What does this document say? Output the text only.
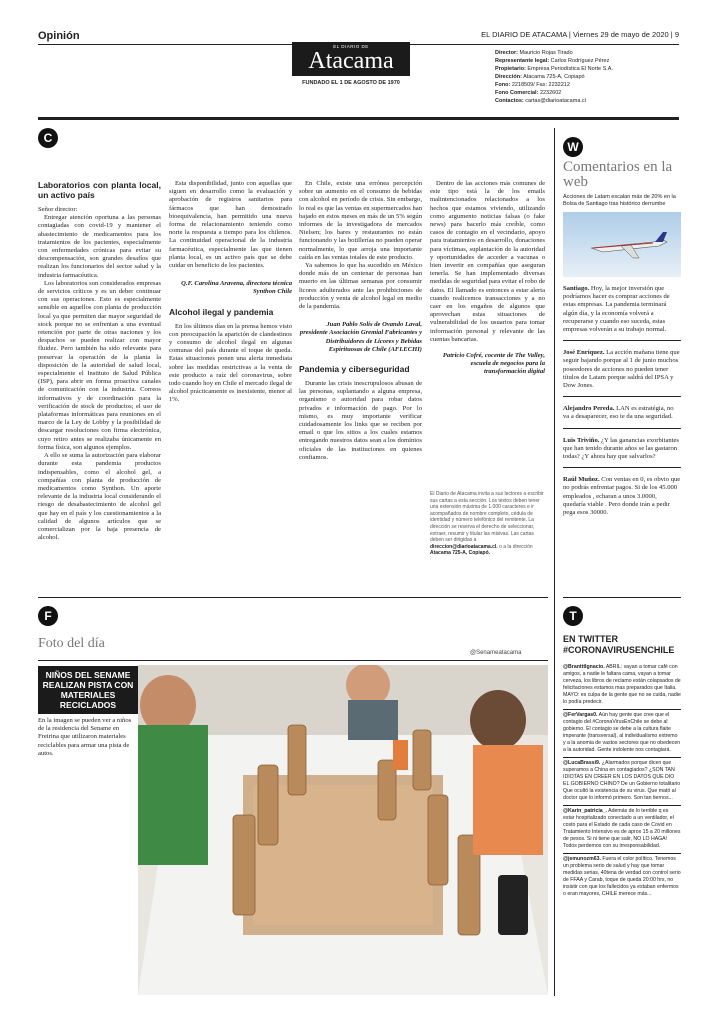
Opinión	EL DIARIO DE ATACAMA | Viernes 29 de mayo de 2020 | 9
EL DIARIO DE
Atacama
FUNDADO EL 1 DE AGOSTO DE 1970
Director: Mauricio Rojas Tirado
Representante legal: Carlos Rodríguez Pérez
Propietario: Empresa Periodística El Norte S.A.
Dirección: Atacama 725-A, Copiapó
Fono: 2218509/ Fax: 2232212
Fono Comercial: 2232602
Contactos: cartas@diarioatacama.cl
C
Laboratorios con planta local, un activo país

Señor director:

Entregar atención oportuna a las personas contagiadas con covid-19 y mantener el abastecimiento de medicamentos para los tratamientos de los pacientes, especialmente con enfermedades crónicas para evitar su descompensación, son grandes desafíos que realizan los funcionarios del sector salud y la industria farmacéutica.

Los laboratorios son considerados empresas de servicios críticos y es un deber continuar con sus operaciones. Esto es especialmente sensible en aquellos con planta de producción local ya que permiten dar mayor seguridad de stock porque no se enfrentan a una eventual retención por parte de otras naciones y los despachos se pueden realizar con mayor fluidez. Pero también ha sido relevante para preservar la operación de la planta la disposición de la autoridad de salud local, especialmente el Instituto de Salud Pública (ISP), para abrir en forma proactiva canales de comunicación con la industria. Correos informativos y de coordinación para la verificación de stock de productos; el uso de plataformas informáticas para reuniones en el marco de la Ley de Lobby y la posibilidad de descargar resoluciones con firma electrónica, cuyo retiro antes se realizaba únicamente en forma física, son algunos ejemplos.

A ello se suma la autorización para elaborar durante esta pandemia productos indispensables, como el alcohol gel, a compañías con planta de producción de medicamentos como Synthon. Un aporte relevante de la industria local considerando el riesgo de desabastecimiento de alcohol gel que hay en el país y los cuestionamientos a la calidad de algunos artículos que se comercializan por la baja presencia de alcohol.

Esta disponibilidad, junto con aquellas que siguen en desarrollo como la evaluación y aprobación de registros sanitarios para fármacos que han demostrado bioequivalencia, han permitido una nueva forma de relacionamiento teniendo como norte la respuesta a tiempo para los chilenos. La continuidad operacional de la industria farmacéutica, especialmente las que tienen planta local, es un activo país que se debe cuidar en beneficio de los pacientes.

Q.F. Carolina Aravena, directora técnica Synthon Chile

Alcohol ilegal y pandemia

En los últimos días en la prensa hemos visto con preocupación la aparición de clandestinos y consumo de alcohol ilegal en algunas comunas del país durante el toque de queda. Estas situaciones ponen una alerta inmediata sobre las medidas restrictivas a la venta de este producto a raíz del coronavirus, sobre todo cuando hoy en Chile el mercado ilegal de alcohol prácticamente es inexistente, menor al 1%.

En Chile, existe una errónea percepción sobre un aumento en el consumo de bebidas con alcohol en período de crisis. Sin embargo, lo real es que las ventas en supermercados han bajado en estos meses en más de un 5% según informes de la investigadora de mercados Nielsen; los bares y restaurantes no están funcionando y las botillerías no pueden operar normalmente, lo que arroja una importante caída en las ventas totales de este producto.

Ya sabemos lo que ha sucedido en México donde más de un centenar de personas han muerto en las últimas semanas por consumir licores adulterados ante las prohibiciones de producción y venta de alcohol legal en medio de la pandemia.

Juan Pablo Solís de Ovando Laval, presidente Asociación Gremial Fabricantes y Distribuidores de Licores y Bebidas Espirituosas de Chile (AFLECHI)

Pandemia y ciberseguridad

Durante las crisis inescrupulosos abusan de las personas, suplantando a alguna empresa, organismo o autoridad para robar datos privados e información de pago. Por lo mismo, es muy importante verificar cuidadosamente los links que se reciben por email o que los sitios a los cuales estamos entregando nuestros datos sean a los dominios oficiales de las instituciones en quienes confiamos.

Dentro de las acciones más comunes de este tipo está la de los emails malintencionados relacionados a los hechos que estamos viviendo, utilizando como argumento noticias falsas (o fake news) para hacerlo más creíble, como casos de contagio en el vecindario, apoyo para tratamientos en desarrollo, donaciones para víctimas, suplantación de la autoridad y oportunidades de acceder a vacunas o bien invertir en compañías que aseguran tenerla. Se han implementado diversas medidas de seguridad para evitar el robo de datos. El llamado es entonces a estar alerta cuando realicemos transacciones y a no caer en los engaños de algunos que aprovechan estas situaciones de vulnerabilidad de los usuarios para tomar información personal y relevante de las cuentas bancarias.

Patricio Cofré, cocente de The Valley, escuela de negocios para la transformación digital

El Diario de Atacama invita a sus lectores a escribir sus cartas a esta sección. Los textos deben tener una extensión máxima de 1.000 caracteres e ir acompañados de nombre completo, cédula de identidad y número telefónico del remitente. La dirección se reserva el derecho de seleccionar, extraer, resumir y titular las misivas. Las cartas deben ser dirigidas a direccion@diarioatacama.cl. o a la dirección Atacama 725-A, Copiapó.
W
Comentarios en la web
Acciones de Latam escalan más de 20% en la Bolsa de Santiago tras histórico derrumbe

Santiago. Hoy, la mejor inversión que podríamos hacer es comprar acciones de estas empresas. La pandemia terminará algún día, y la economía volverá a recuperarse y cuando eso suceda, estas empresas volverán a su trabajo normal.

José Enríquez. La acción mañana tiene que seguir bajando porque al 1 de junio muchos poseedores de acciones no pueden tener títulos de Latam porque saldrá del IPSA y Dow Jones.

Alejandro Pereda. LAN es estratégia, no va a desaparecer, eso te da una seguridad.

Luis Triviño. ¿Y las ganancias exorbitantes que han tenido durante años se las gastaron todas? ¿Y ahora hay que salvarlos?

Raúl Muñoz. Con ventas en 0, es obvio que no podrás enfrentar pagos. Si de los 45.000 empleados , echaran a unos 3.0000, quedaría viable . Pero donde irán a pedir pega esos 30000.

F
Foto del día
@Senameatacama
NIÑOS DEL SENAME REALIZAN PISTA CON MATERIALES RECICLADOS
En la imagen se pueden ver a niños de la residencia del Sename en Freirina que utilizaron materiales reciclables para armar una pista de autos.
T
EN TWITTER #CORONAVIRUSENCHILE

@BrantttIgnacio. ABRIL: vayan a tomar café con amigos, a nadie le faltara cama, vayan a tomar cerveza, los libros de reclamo están colapsados de felicitaciones estamos mas preparados que Italia. MAYO: es culpa de la gente que no se cuida, nadie lo podía predecir.

@FerVargas0. Aún hay gente que cree que el contagio del #CoronaVirusEnChile se debe al gobierno. El contagio se debe a la cultura flaite imperante (transversal), al individualismo extremo y a la anomia de vastos sectores que no obedecen a la autoridad. Gente indolente nos contagiará.

@LucaBrassi9. ¿Alarmados porque dicen que superamos a China en contagiados? ¿SON TAN IDIOTAS EN CREER EN LOS DATOS QUE DIO EL GOBIERNO CHINO? De un Gobierno totalitario Que ocultó la existencia de su virus. Que mató al doctor que lo informó primero. Son tan tiernos...

@Karin_patricia_. Además de lo terrible q es estar hospitalizado conectado a un ventilador, el costo para el Estado de cada caso de Covid en Tratamiento Intensivo es de aprox 15 a 20 millones de pesos. Si ni tiene que salir, NO LO HAGA! Todos perdemos con su irresponsabilidad.

@jemunozm63. Fuera el color político. Tenemos un problema serio de salud y hay que tomar medidas serias, 40tena de verdad con control serio de FFAA y Carab, toque de queda 20:00 hrs, no insistir con que los fallecidos ya estaban enfermos o eran mayores, CHILE merece más...
